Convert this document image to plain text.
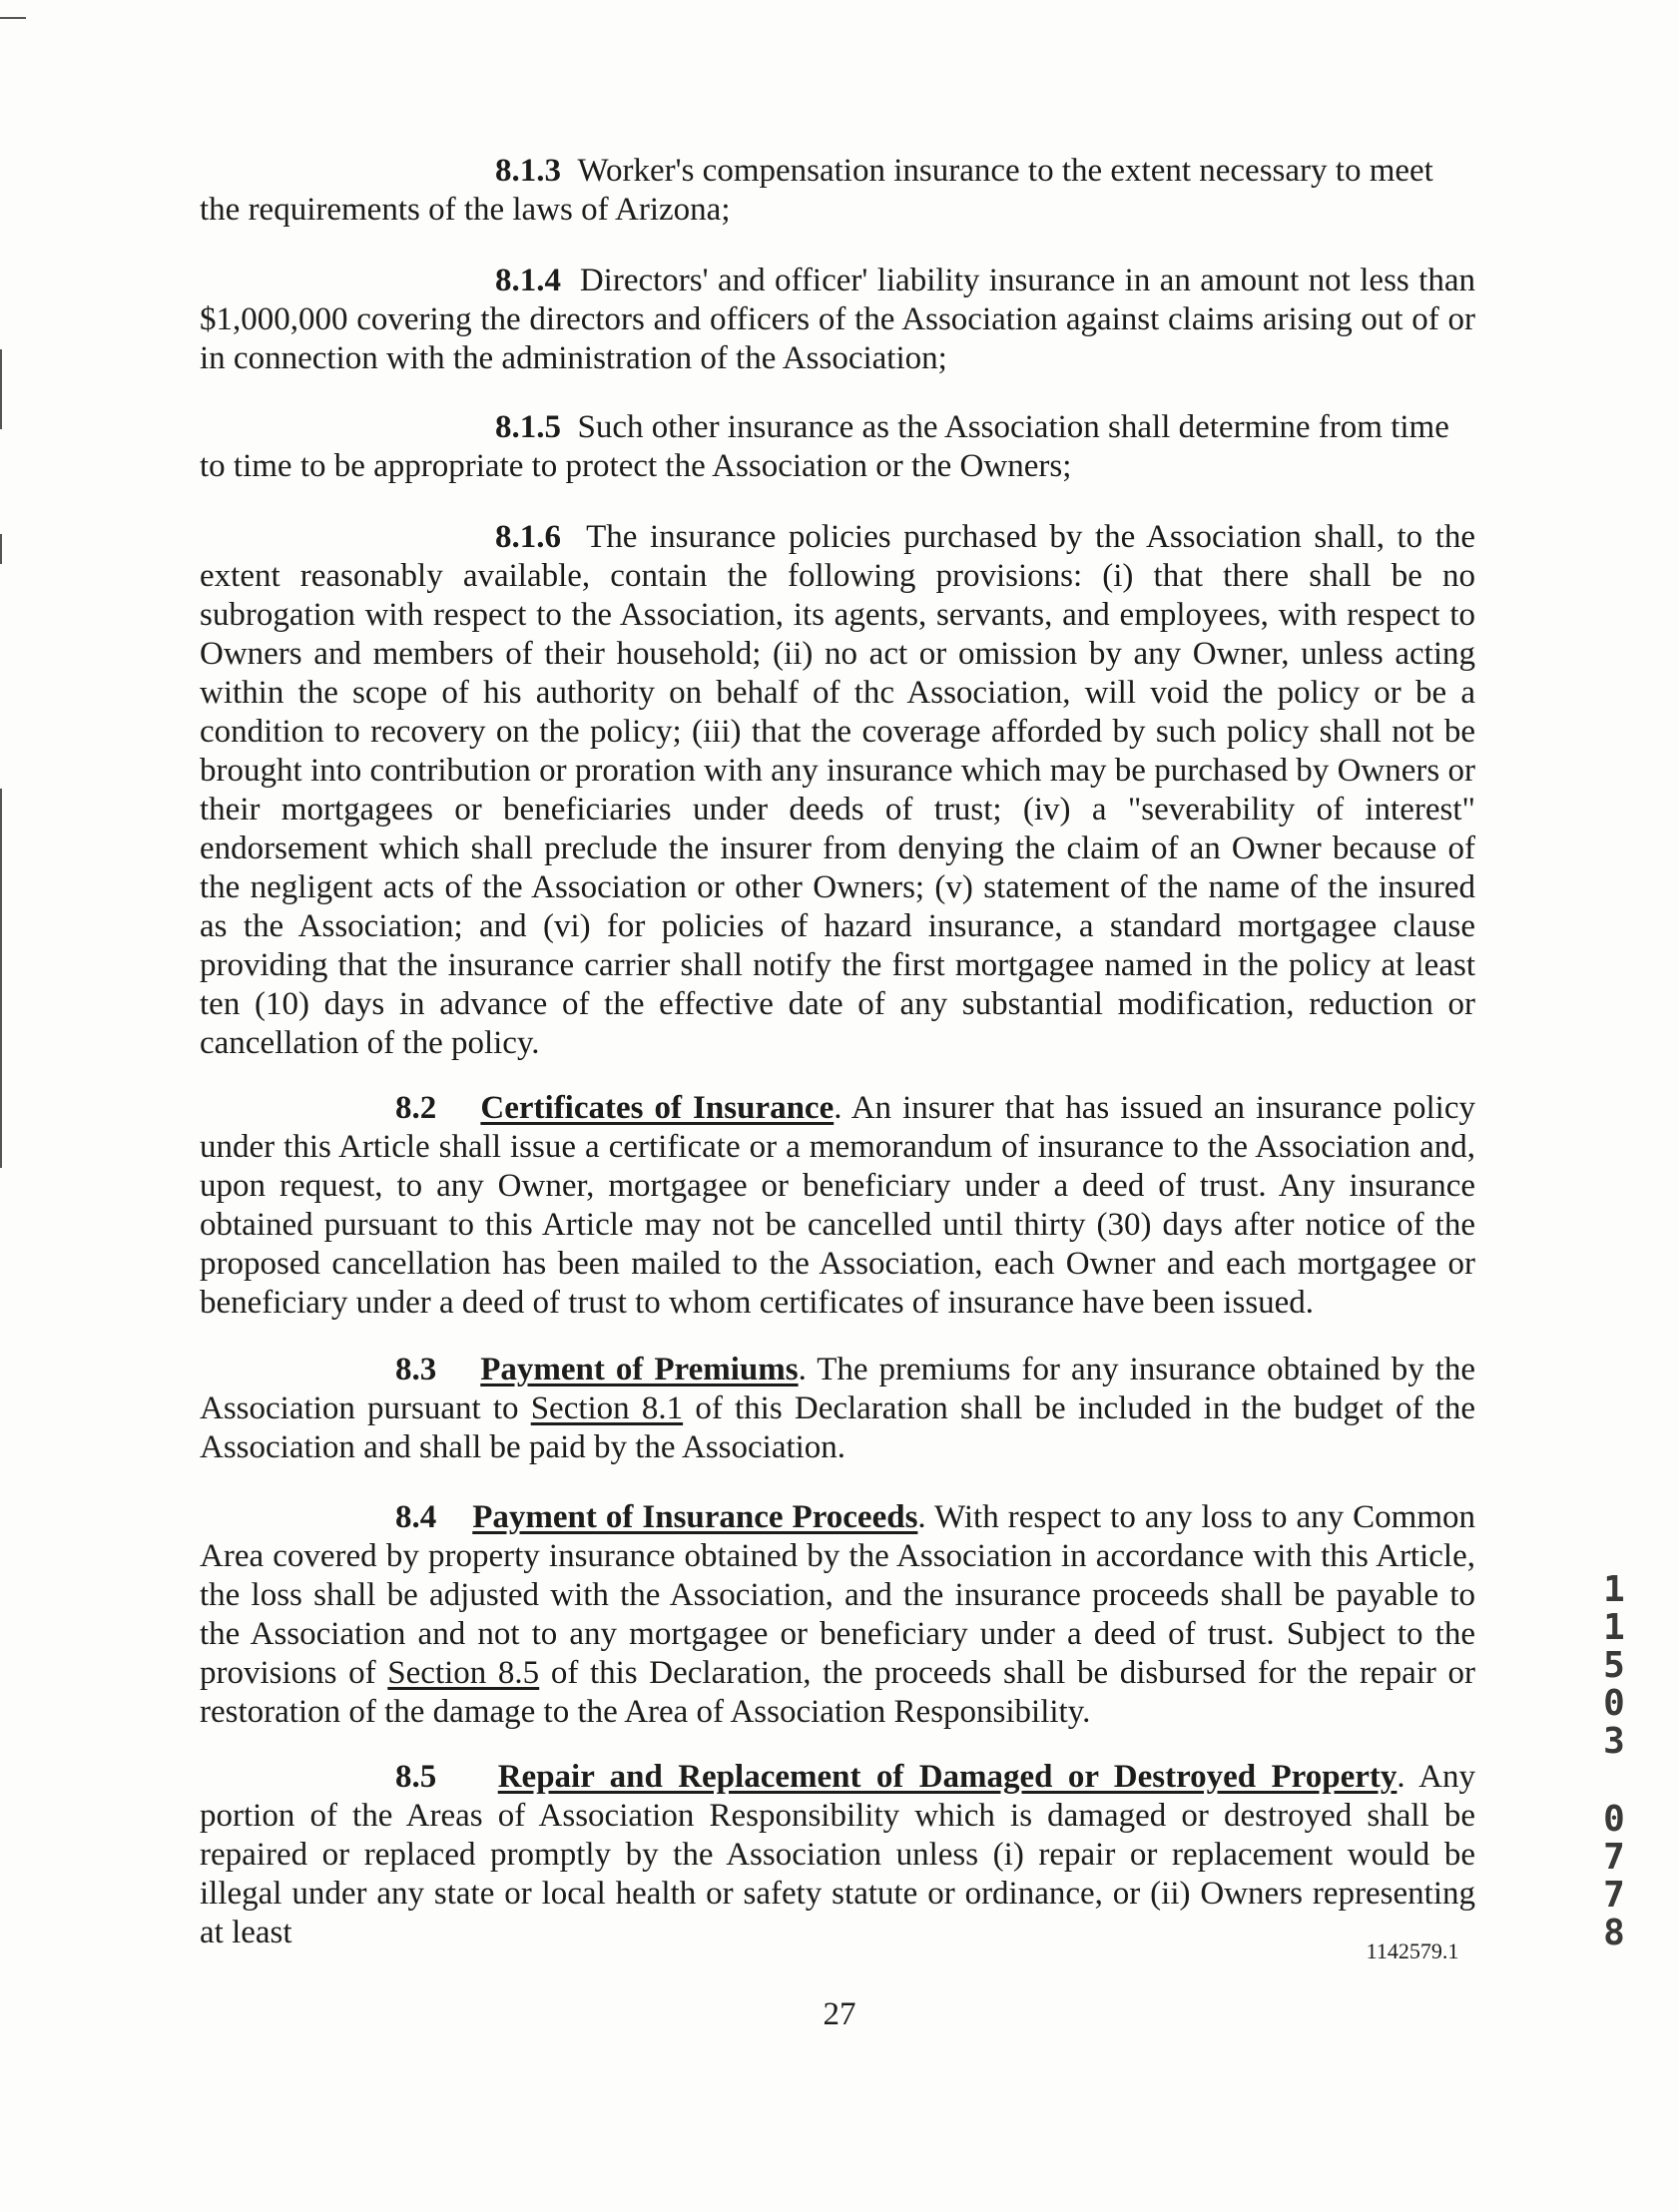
8.1.3 Worker's compensation insurance to the extent necessary to meet
the requirements of the laws of Arizona;

8.1.4 Directors' and officer' liability insurance in an amount not less than $1,000,000 covering the directors and officers of the Association against claims arising out of or in connection with the administration of the Association;

8.1.5 Such other insurance as the Association shall determine from time
to time to be appropriate to protect the Association or the Owners;

8.1.6 The insurance policies purchased by the Association shall, to the extent reasonably available, contain the following provisions: (i) that there shall be no subrogation with respect to the Association, its agents, servants, and employees, with respect to Owners and members of their household; (ii) no act or omission by any Owner, unless acting within the scope of his authority on behalf of thc Association, will void the policy or be a condition to recovery on the policy; (iii) that the coverage afforded by such policy shall not be brought into contribution or proration with any insurance which may be purchased by Owners or their mortgagees or beneficiaries under deeds of trust; (iv) a "severability of interest" endorsement which shall preclude the insurer from denying the claim of an Owner because of the negligent acts of the Association or other Owners; (v) statement of the name of the insured as the Association; and (vi) for policies of hazard insurance, a standard mortgagee clause providing that the insurance carrier shall notify the first mortgagee named in the policy at least ten (10) days in advance of the effective date of any substantial modification, reduction or cancellation of the policy.

8.2 Certificates of Insurance. An insurer that has issued an insurance policy under this Article shall issue a certificate or a memorandum of insurance to the Association and, upon request, to any Owner, mortgagee or beneficiary under a deed of trust. Any insurance obtained pursuant to this Article may not be cancelled until thirty (30) days after notice of the proposed cancellation has been mailed to the Association, each Owner and each mortgagee or beneficiary under a deed of trust to whom certificates of insurance have been issued.

8.3 Payment of Premiums. The premiums for any insurance obtained by the Association pursuant to Section 8.1 of this Declaration shall be included in the budget of the Association and shall be paid by the Association.

8.4 Payment of Insurance Proceeds. With respect to any loss to any Common Area covered by property insurance obtained by the Association in accordance with this Article, the loss shall be adjusted with the Association, and the insurance proceeds shall be payable to the Association and not to any mortgagee or beneficiary under a deed of trust. Subject to the provisions of Section 8.5 of this Declaration, the proceeds shall be disbursed for the repair or restoration of the damage to the Area of Association Responsibility.

8.5 Repair and Replacement of Damaged or Destroyed Property. Any portion of the Areas of Association Responsibility which is damaged or destroyed shall be repaired or replaced promptly by the Association unless (i) repair or replacement would be illegal under any state or local health or safety statute or ordinance, or (ii) Owners representing at least

1142579.1
27
1
1
5
0
3
0
7
7
8
